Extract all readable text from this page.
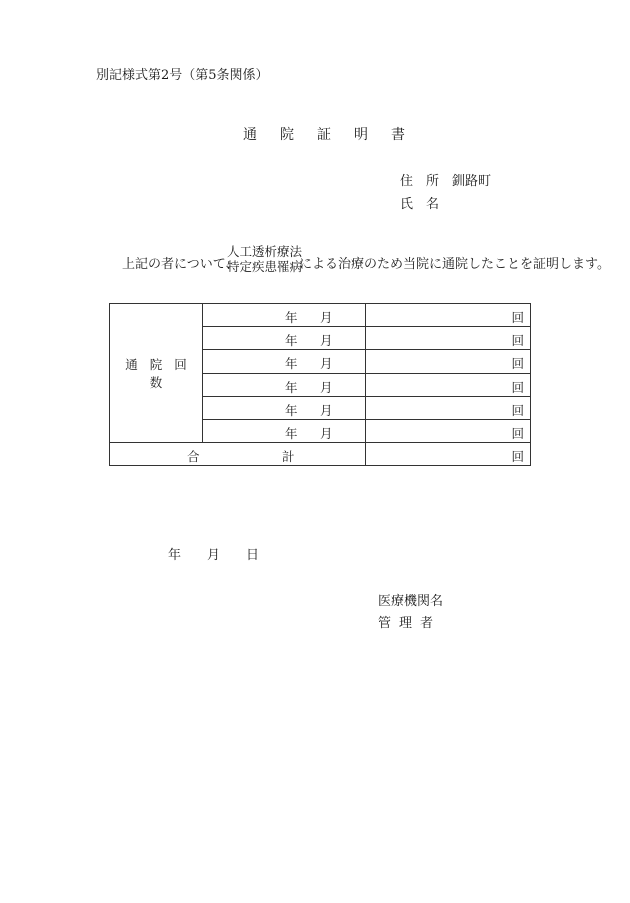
別記様式第2号（第5条関係）
通 院 証 明 書
住　所　 釧路町
氏　名
上記の者について、
人工透析療法
特定疾患罹病
による治療のため当院に通院したことを証明します。
通 院 回数	年 月	回

	年 月	回

	年 月	回

	年 月	回

	年 月	回

	年 月	回

合 計		回
年 月 日
医療機関名
管 理 者
